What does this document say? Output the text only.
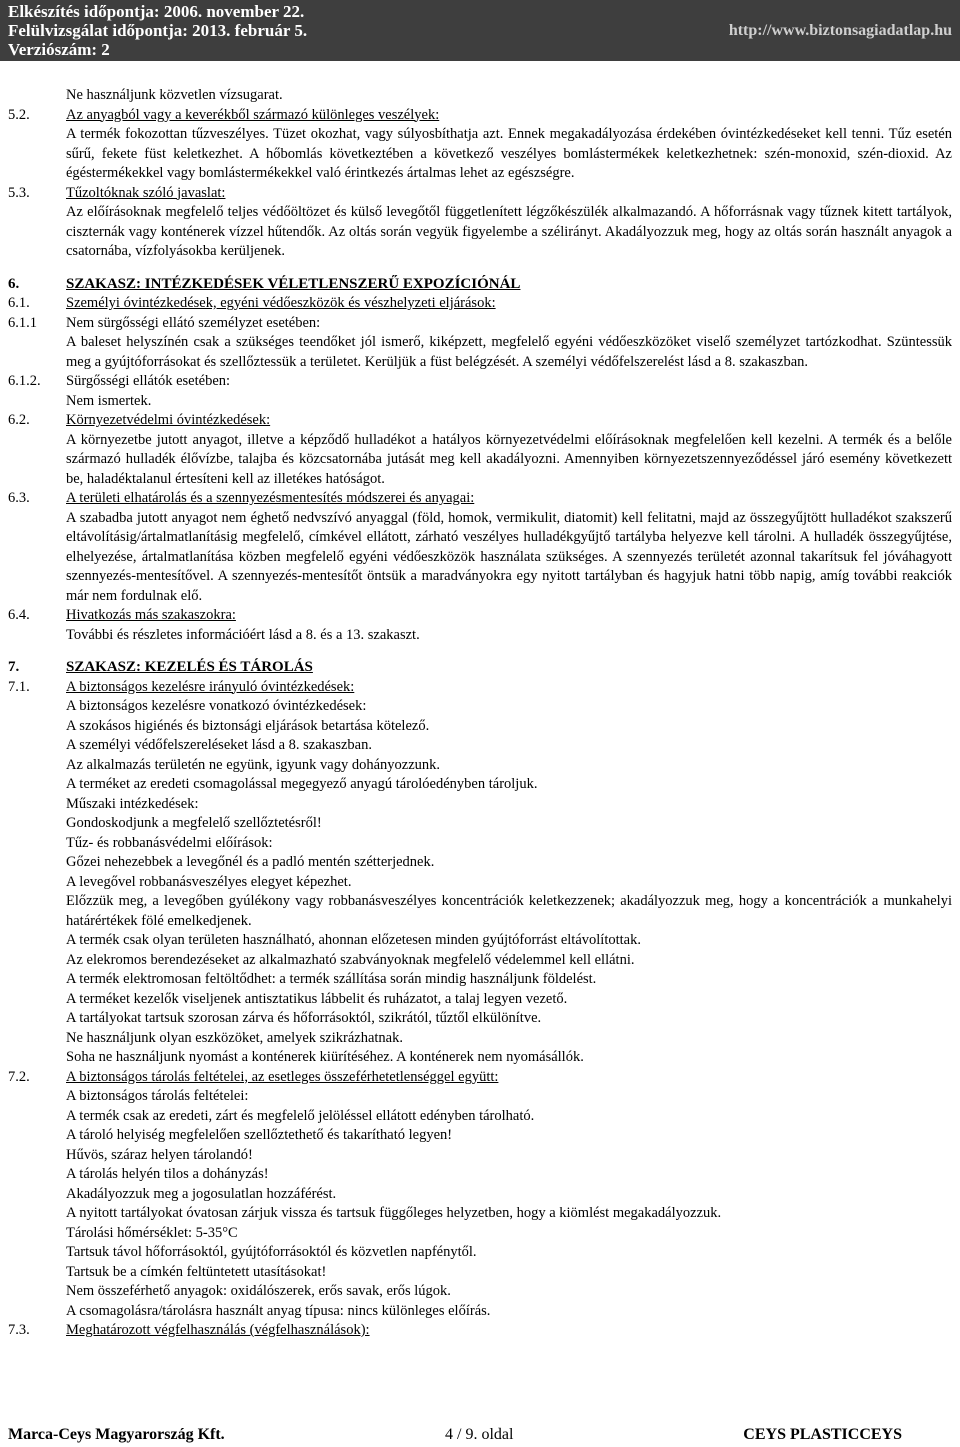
Elkészítés időpontja: 2006. november 22.
Felülvizsgálat időpontja: 2013. február 5.
Verziószám: 2
http://www.biztonsagiadatlap.hu
Ne használjunk közvetlen vízsugarat.
5.2.	Az anyagból vagy a keverékből származó különleges veszélyek:
A termék fokozottan tűzveszélyes. Tüzet okozhat, vagy súlyosbíthatja azt. Ennek megakadályozása érdekében óvintézkedéseket kell tenni. Tűz esetén sűrű, fekete füst keletkezhet. A hőbomlás következtében a következő veszélyes bomlástermékek keletkezhetnek: szén-monoxid, szén-dioxid. Az égéstermékekkel vagy bomlástermékekkel való érintkezés ártalmas lehet az egészségre.
5.3.	Tűzoltóknak szóló javaslat:
Az előírásoknak megfelelő teljes védőöltözet és külső levegőtől függetlenített légzőkészülék alkalmazandó. A hőforrásnak vagy tűznek kitett tartályok, ciszternák vagy konténerek vízzel hűtendők. Az oltás során vegyük figyelembe a szélirányt. Akadályozzuk meg, hogy az oltás során használt anyagok a csatornába, vízfolyásokba kerüljenek.
6.	SZAKASZ: INTÉZKEDÉSEK VÉLETLENSZERŰ EXPOZÍCIÓNÁL
6.1.	Személyi óvintézkedések, egyéni védőeszközök és vészhelyzeti eljárások:
6.1.1	Nem sürgősségi ellátó személyzet esetében:
A baleset helyszínén csak a szükséges teendőket jól ismerő, kiképzett, megfelelő egyéni védőeszközöket viselő személyzet tartózkodhat. Szüntessük meg a gyújtóforrásokat és szellőztessük a területet. Kerüljük a füst belégzését. A személyi védőfelszerelést lásd a 8. szakaszban.
6.1.2.	Sürgősségi ellátók esetében:
Nem ismertek.
6.2.	Környezetvédelmi óvintézkedések:
A környezetbe jutott anyagot, illetve a képződő hulladékot a hatályos környezetvédelmi előírásoknak megfelelően kell kezelni. A termék és a belőle származó hulladék élővízbe, talajba és közcsatornába jutását meg kell akadályozni. Amennyiben környezetszennyeződéssel járó esemény következett be, haladéktalanul értesíteni kell az illetékes hatóságot.
6.3.	A területi elhatárolás és a szennyezésmentesítés módszerei és anyagai:
A szabadba jutott anyagot nem éghető nedvszívó anyaggal (föld, homok, vermikulit, diatomit) kell felitatni, majd az összegyűjtött hulladékot szakszerű eltávolításig/ártalmatlanításig megfelelő, címkével ellátott, zárható veszélyes hulladékgyűjtő tartályba helyezve kell tárolni. A hulladék összegyűjtése, elhelyezése, ártalmatlanítása közben megfelelő egyéni védőeszközök használata szükséges. A szennyezés területét azonnal takarítsuk fel jóváhagyott szennyezés-mentesítővel. A szennyezés-mentesítőt öntsük a maradványokra egy nyitott tartályban és hagyjuk hatni több napig, amíg további reakciók már nem fordulnak elő.
6.4.	Hivatkozás más szakaszokra:
További és részletes információért lásd a 8. és a 13. szakaszt.
7.	SZAKASZ: KEZELÉS ÉS TÁROLÁS
7.1.	A biztonságos kezelésre irányuló óvintézkedések:
A biztonságos kezelésre vonatkozó óvintézkedések:
A szokásos higiénés és biztonsági eljárások betartása kötelező.
A személyi védőfelszereléseket lásd a 8. szakaszban.
Az alkalmazás területén ne együnk, igyunk vagy dohányozzunk.
A terméket az eredeti csomagolással megegyező anyagú tárolóedényben tároljuk.
Műszaki intézkedések:
Gondoskodjunk a megfelelő szellőztetésről!
Tűz- és robbanásvédelmi előírások:
Gőzei nehezebbek a levegőnél és a padló mentén szétterjednek.
A levegővel robbanásveszélyes elegyet képezhet.
Előzzük meg, a levegőben gyúlékony vagy robbanásveszélyes koncentrációk keletkezzenek; akadályozzuk meg, hogy a koncentrációk a munkahelyi határértékek fölé emelkedjenek.
A termék csak olyan területen használható, ahonnan előzetesen minden gyújtóforrást eltávolítottak.
Az elekromos berendezéseket az alkalmazható szabványoknak megfelelő védelemmel kell ellátni.
A termék elektromosan feltöltődhet: a termék szállítása során mindig használjunk földelést.
A terméket kezelők viseljenek antisztatikus lábbelit és ruházatot, a talaj legyen vezető.
A tartályokat tartsuk szorosan zárva és hőforrásoktól, szikrától, tűztől elkülönítve.
Ne használjunk olyan eszközöket, amelyek szikrázhatnak.
Soha ne használjunk nyomást a konténerek kiürítéséhez. A konténerek nem nyomásállók.
7.2.	A biztonságos tárolás feltételei, az esetleges összeférhetetlenséggel együtt:
A biztonságos tárolás feltételei:
A termék csak az eredeti, zárt és megfelelő jelöléssel ellátott edényben tárolható.
A tároló helyiség megfelelően szellőztethető és takarítható legyen!
Hűvös, száraz helyen tárolandó!
A tárolás helyén tilos a dohányzás!
Akadályozzuk meg a jogosulatlan hozzáférést.
A nyitott tartályokat óvatosan zárjuk vissza és tartsuk függőleges helyzetben, hogy a kiömlést megakadályozzuk.
Tárolási hőmérséklet: 5-35°C
Tartsuk távol hőforrásoktól, gyújtóforrásoktól és közvetlen napfénytől.
Tartsuk be a címkén feltüntetett utasításokat!
Nem összeférhető anyagok: oxidálószerek, erős savak, erős lúgok.
A csomagolásra/tárolásra használt anyag típusa: nincs különleges előírás.
7.3.	Meghatározott végfelhasználás (végfelhasználások):
Marca-Ceys Magyarország Kft.	4 / 9. oldal	CEYS PLASTICCEYS
